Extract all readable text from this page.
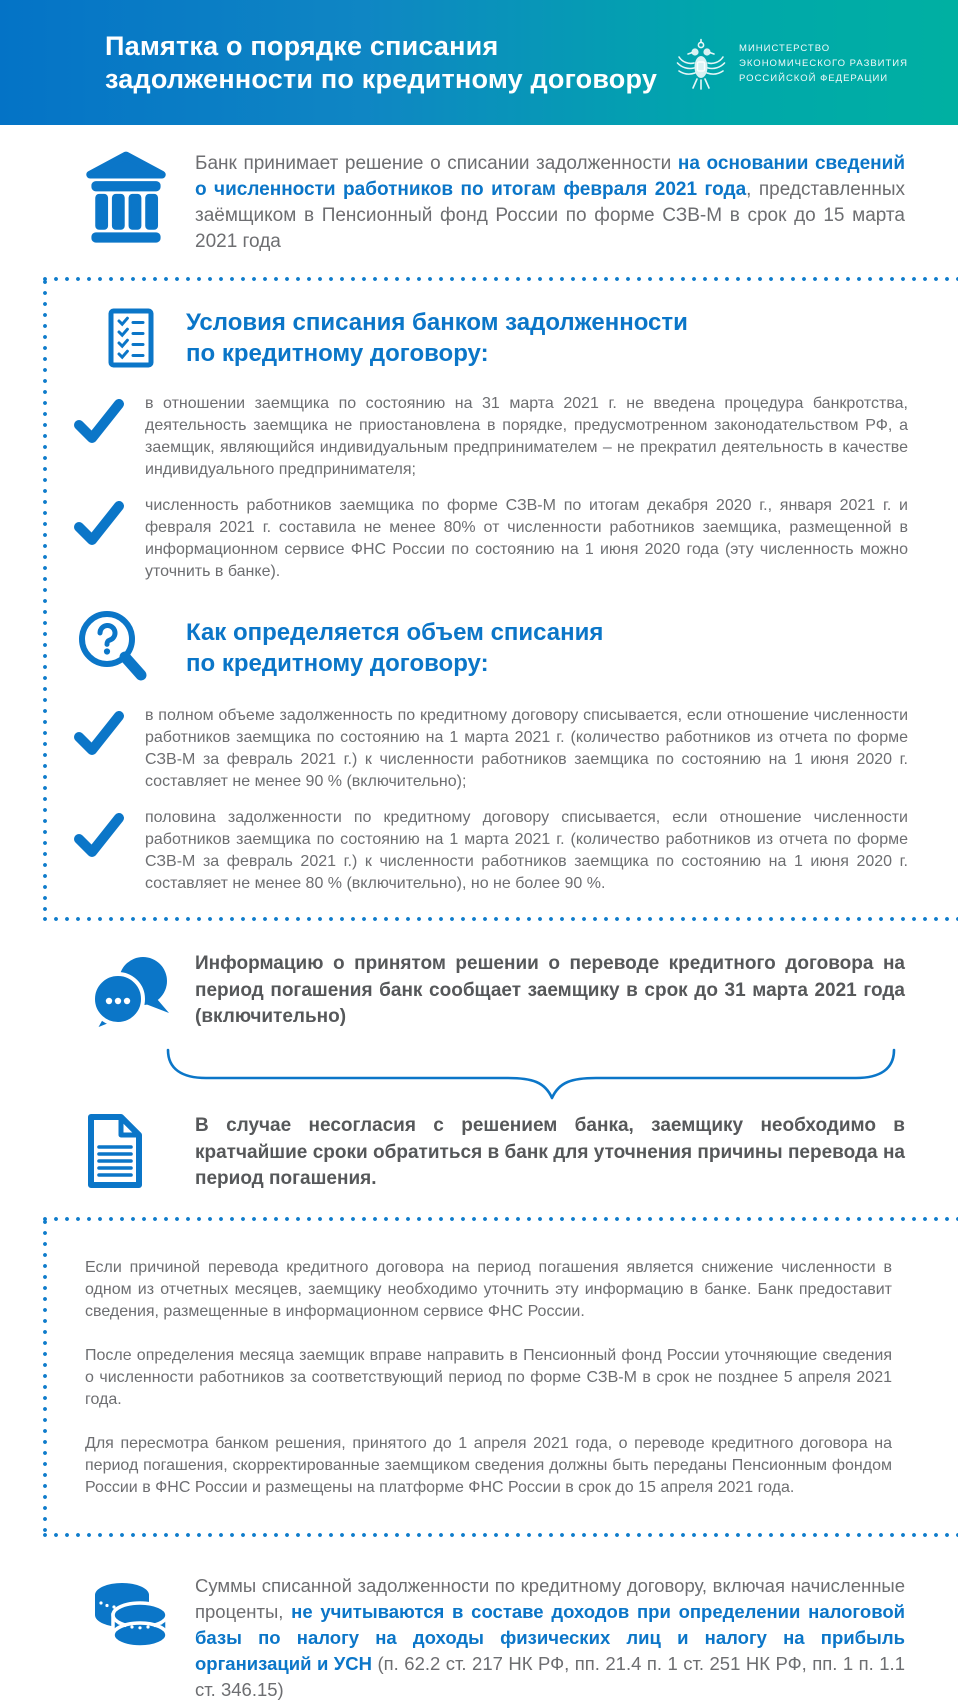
Памятка о порядке списания
задолженности по кредитному договору
МИНИСТЕРСТВО
ЭКОНОМИЧЕСКОГО РАЗВИТИЯ
РОССИЙСКОЙ ФЕДЕРАЦИИ

Банк принимает решение о списании задолженности на основании сведений о численности работников по итогам февраля 2021 года, представленных заёмщиком в Пенсионный фонд России по форме СЗВ-М в срок до 15 марта 2021 года

Условия списания банком задолженности
по кредитному договору:

в отношении заемщика по состоянию на 31 марта 2021 г. не введена процедура банкротства, деятельность заемщика не приостановлена в порядке, предусмотренном законодательством РФ, а заемщик, являющийся индивидуальным предпринимателем – не прекратил деятельность в качестве индивидуального предпринимателя;

численность работников заемщика по форме СЗВ-М по итогам декабря 2020 г., января 2021 г. и февраля 2021 г. составила не менее 80% от численности работников заемщика, размещенной в информационном сервисе ФНС России по состоянию на 1 июня 2020 года (эту численность можно уточнить в банке).

Как определяется объем списания
по кредитному договору:

в полном объеме задолженность по кредитному договору списывается, если отношение численности работников заемщика по состоянию на 1 марта 2021 г. (количество работников из отчета по форме СЗВ-М за февраль 2021 г.) к численности работников заемщика по состоянию на 1 июня 2020 г. составляет не менее 90 % (включительно);

половина задолженности по кредитному договору списывается, если отношение численности работников заемщика по состоянию на 1 марта 2021 г. (количество работников из отчета по форме СЗВ-М за февраль 2021 г.) к численности работников заемщика по состоянию на 1 июня 2020 г. составляет не менее 80 % (включительно), но не более 90 %.

Информацию о принятом решении о переводе кредитного договора на период погашения банк сообщает заемщику в срок до 31 марта 2021 года (включительно)

В случае несогласия с решением банка, заемщику необходимо в кратчайшие сроки обратиться в банк для уточнения причины перевода на период погашения.

Если причиной перевода кредитного договора на период погашения является снижение численности в одном из отчетных месяцев, заемщику необходимо уточнить эту информацию в банке. Банк предоставит сведения, размещенные в информационном сервисе ФНС России.

После определения месяца заемщик вправе направить в Пенсионный фонд России уточняющие сведения о численности работников за соответствующий период по форме СЗВ-М в срок не позднее 5 апреля 2021 года.

Для пересмотра банком решения, принятого до 1 апреля 2021 года, о переводе кредитного договора на период погашения, скорректированные заемщиком сведения должны быть переданы Пенсионным фондом России в ФНС России и размещены на платформе ФНС России в срок до 15 апреля 2021 года.

Суммы списанной задолженности по кредитному договору, включая начисленные проценты, не учитываются в составе доходов при определении налоговой базы по налогу на доходы физических лиц и налогу на прибыль организаций и УСН (п. 62.2 ст. 217 НК РФ, пп. 21.4 п. 1 ст. 251 НК РФ, пп. 1 п. 1.1 ст. 346.15)
